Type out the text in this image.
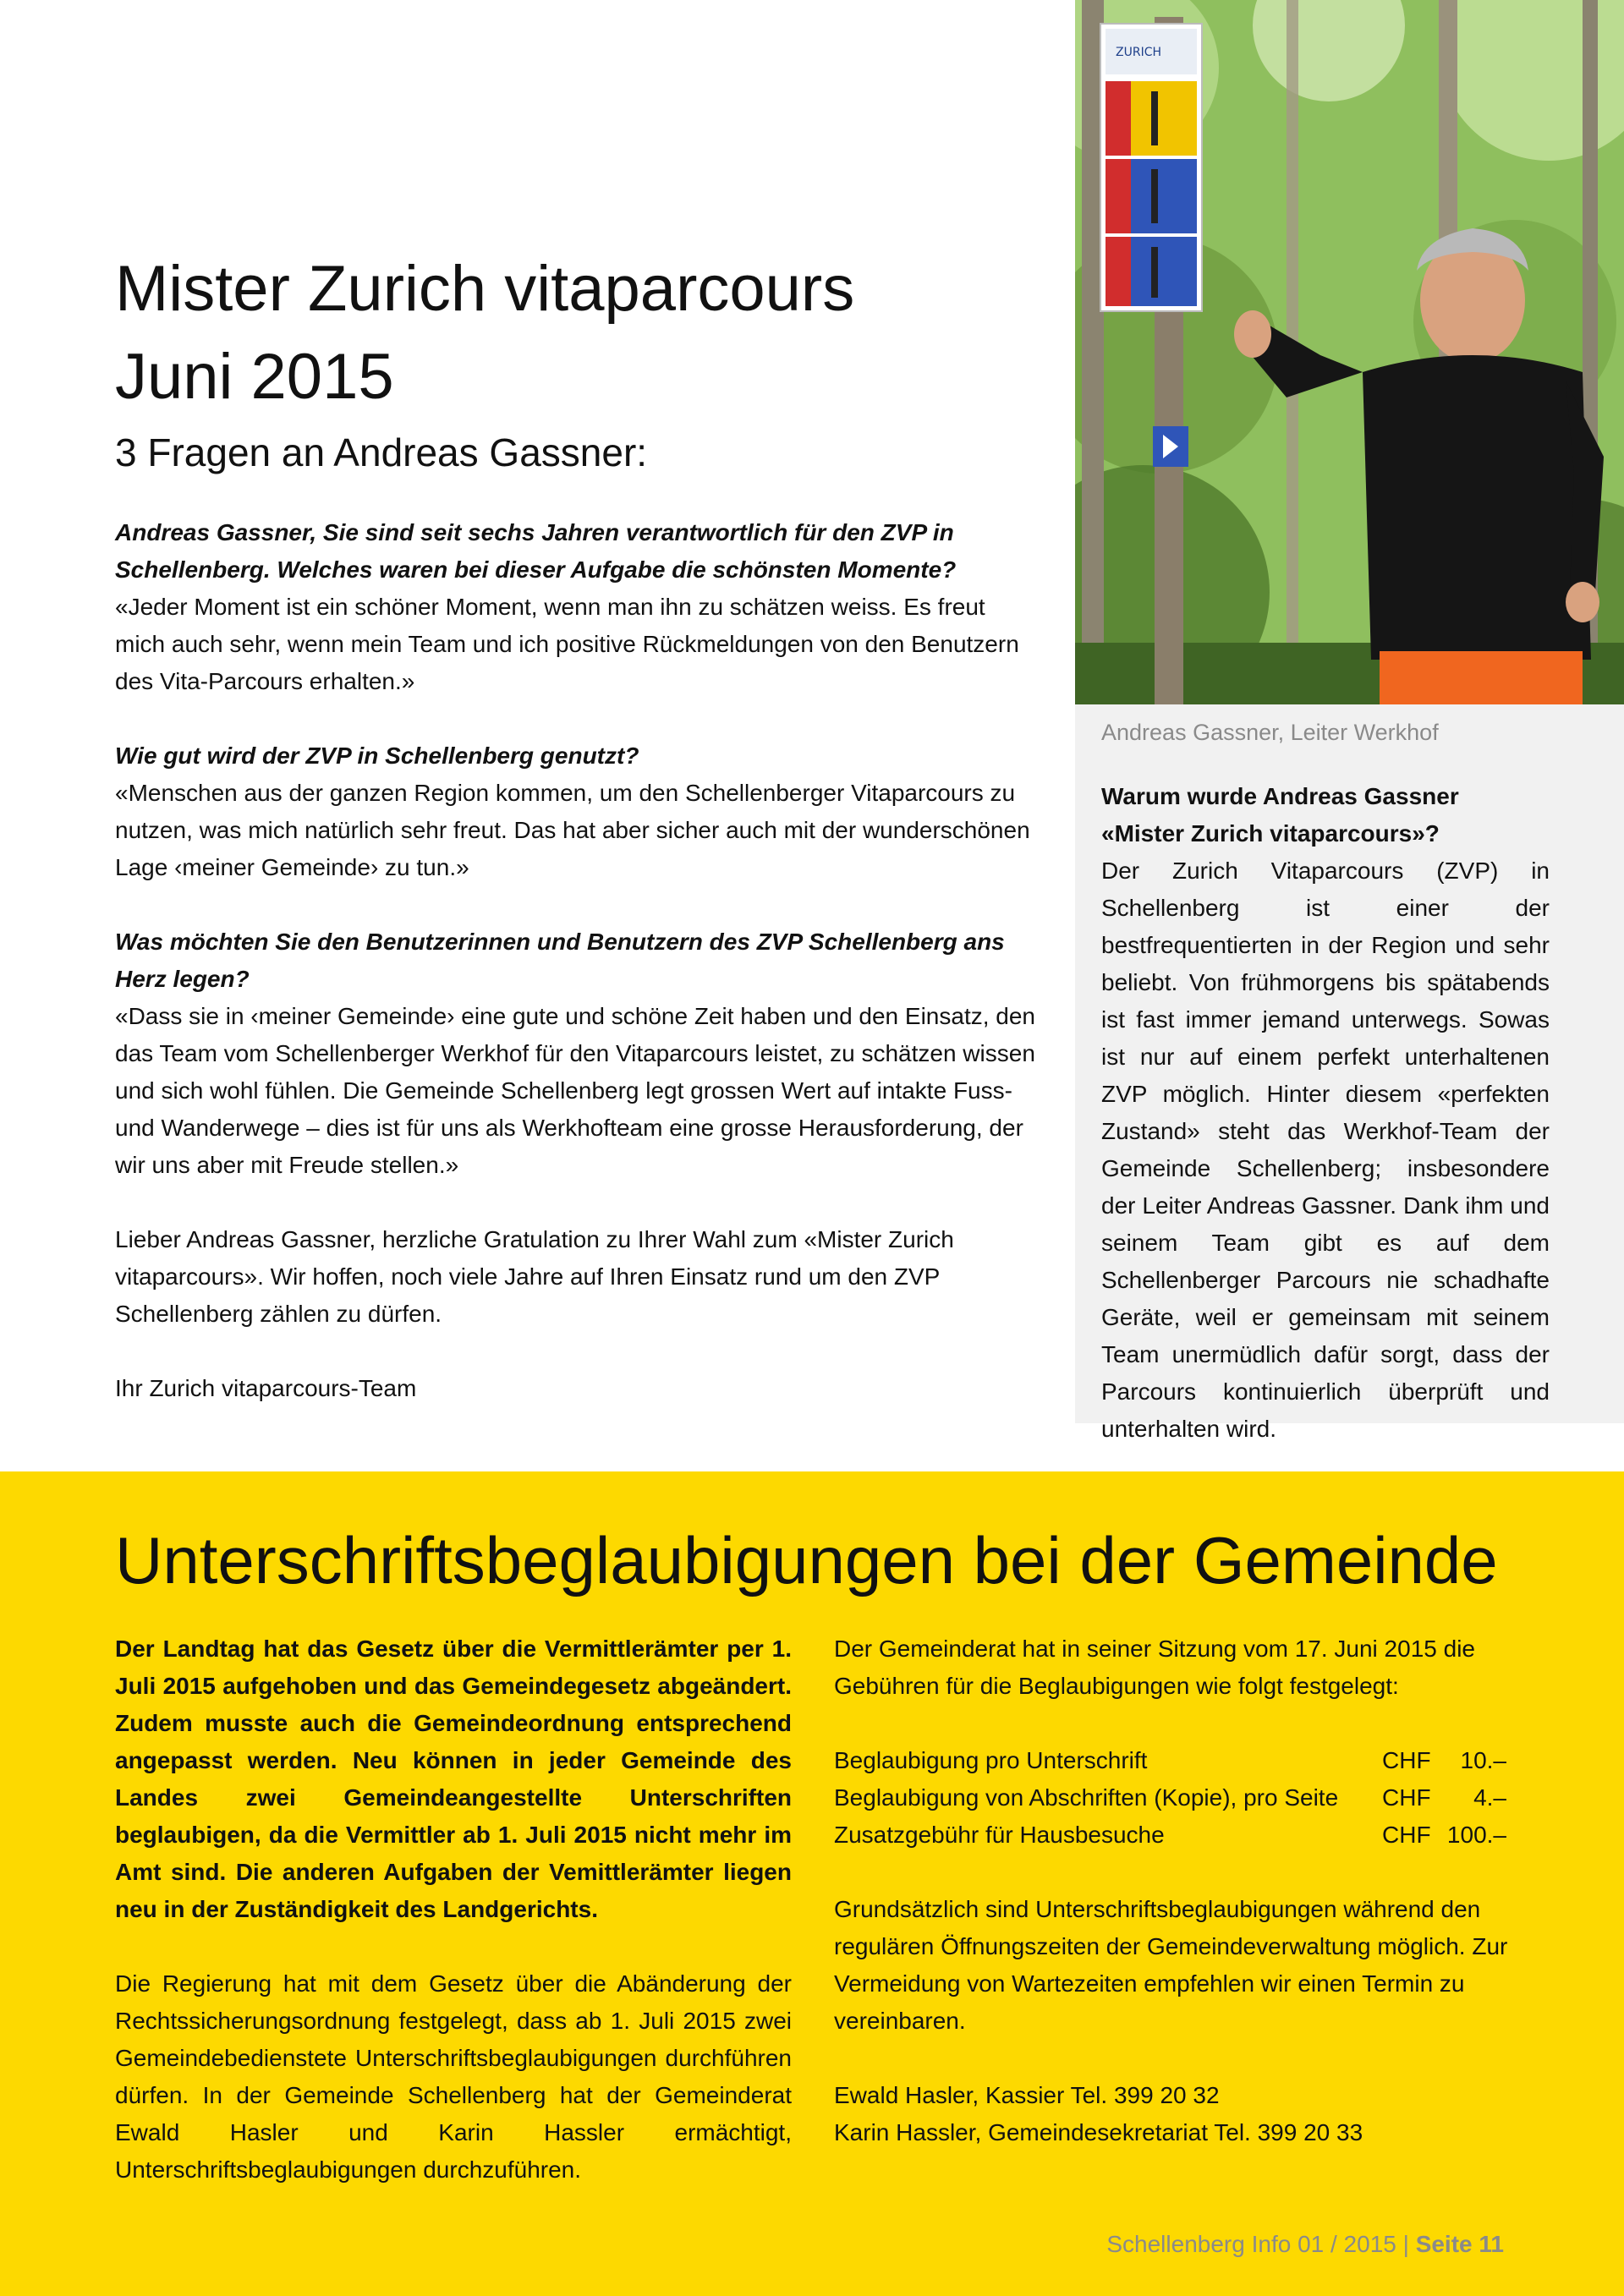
Mister Zurich vitaparcours
Juni 2015
3 Fragen an Andreas Gassner:

Andreas Gassner, Sie sind seit sechs Jahren verantwortlich für den ZVP in Schellenberg. Welches waren bei dieser Aufgabe die schönsten Momente?
«Jeder Moment ist ein schöner Moment, wenn man ihn zu schätzen weiss. Es freut mich auch sehr, wenn mein Team und ich positive Rückmeldungen von den Benutzern des Vita-Parcours erhalten.»

Wie gut wird der ZVP in Schellenberg genutzt?
«Menschen aus der ganzen Region kommen, um den Schellenberger Vitaparcours zu nutzen, was mich natürlich sehr freut. Das hat aber sicher auch mit der wunderschönen Lage ‹meiner Gemeinde› zu tun.»

Was möchten Sie den Benutzerinnen und Benutzern des ZVP Schellenberg ans Herz legen?
«Dass sie in ‹meiner Gemeinde› eine gute und schöne Zeit haben und den Einsatz, den das Team vom Schellenberger Werkhof für den Vitaparcours leistet, zu schätzen wissen und sich wohl fühlen. Die Gemeinde Schellenberg legt grossen Wert auf intakte Fuss- und Wanderwege – dies ist für uns als Werkhofteam eine grosse Herausforderung, der wir uns aber mit Freude stellen.»

Lieber Andreas Gassner, herzliche Gratulation zu Ihrer Wahl zum «Mister Zurich vitaparcours». Wir hoffen, noch viele Jahre auf Ihren Einsatz rund um den ZVP Schellenberg zählen zu dürfen.

Ihr Zurich vitaparcours-Team

ZURICH
Andreas Gassner, Leiter Werkhof
Warum wurde Andreas Gassner
«Mister Zurich vitaparcours»?
Der Zurich Vitaparcours (ZVP) in Schellenberg ist einer der bestfrequentierten in der Region und sehr beliebt. Von frühmorgens bis spätabends ist fast immer jemand unterwegs. Sowas ist nur auf einem perfekt unterhaltenen ZVP möglich. Hinter diesem «perfekten Zustand» steht das Werkhof-Team der Gemeinde Schellenberg; insbesondere der Leiter Andreas Gassner. Dank ihm und seinem Team gibt es auf dem Schellenberger Parcours nie schadhafte Geräte, weil er gemeinsam mit seinem Team unermüdlich dafür sorgt, dass der Parcours kontinuierlich überprüft und unterhalten wird.
Unterschriftsbeglaubigungen bei der Gemeinde

Der Landtag hat das Gesetz über die Vermittlerämter per 1. Juli 2015 aufgehoben und das Gemeindegesetz abgeändert. Zudem musste auch die Gemeindeordnung entsprechend angepasst werden. Neu können in jeder Gemeinde des Landes zwei Gemeindeangestellte Unterschriften beglaubigen, da die Vermittler ab 1. Juli 2015 nicht mehr im Amt sind. Die anderen Aufgaben der Vemittlerämter liegen neu in der Zuständigkeit des Landgerichts.

Die Regierung hat mit dem Gesetz über die Abänderung der Rechtssicherungsordnung festgelegt, dass ab 1. Juli 2015 zwei Gemeindebedienstete Unterschriftsbeglaubigungen durchführen dürfen. In der Gemeinde Schellenberg hat der Gemeinderat Ewald Hasler und Karin Hassler ermächtigt, Unterschriftsbeglaubigungen durchzuführen.

Der Gemeinderat hat in seiner Sitzung vom 17. Juni 2015 die Gebühren für die Beglaubigungen wie folgt festgelegt:

Beglaubigung pro Unterschrift	CHF	10.–
Beglaubigung von Abschriften (Kopie), pro Seite	CHF	4.–
Zusatzgebühr für Hausbesuche	CHF 100.–

Grundsätzlich sind Unterschriftsbeglaubigungen während den regulären Öffnungszeiten der Gemeindeverwaltung möglich. Zur Vermeidung von Wartezeiten empfehlen wir einen Termin zu vereinbaren.

Ewald Hasler, Kassier Tel. 399 20 32
Karin Hassler, Gemeindesekretariat Tel. 399 20 33

Schellenberg Info 01 / 2015 | Seite 11
